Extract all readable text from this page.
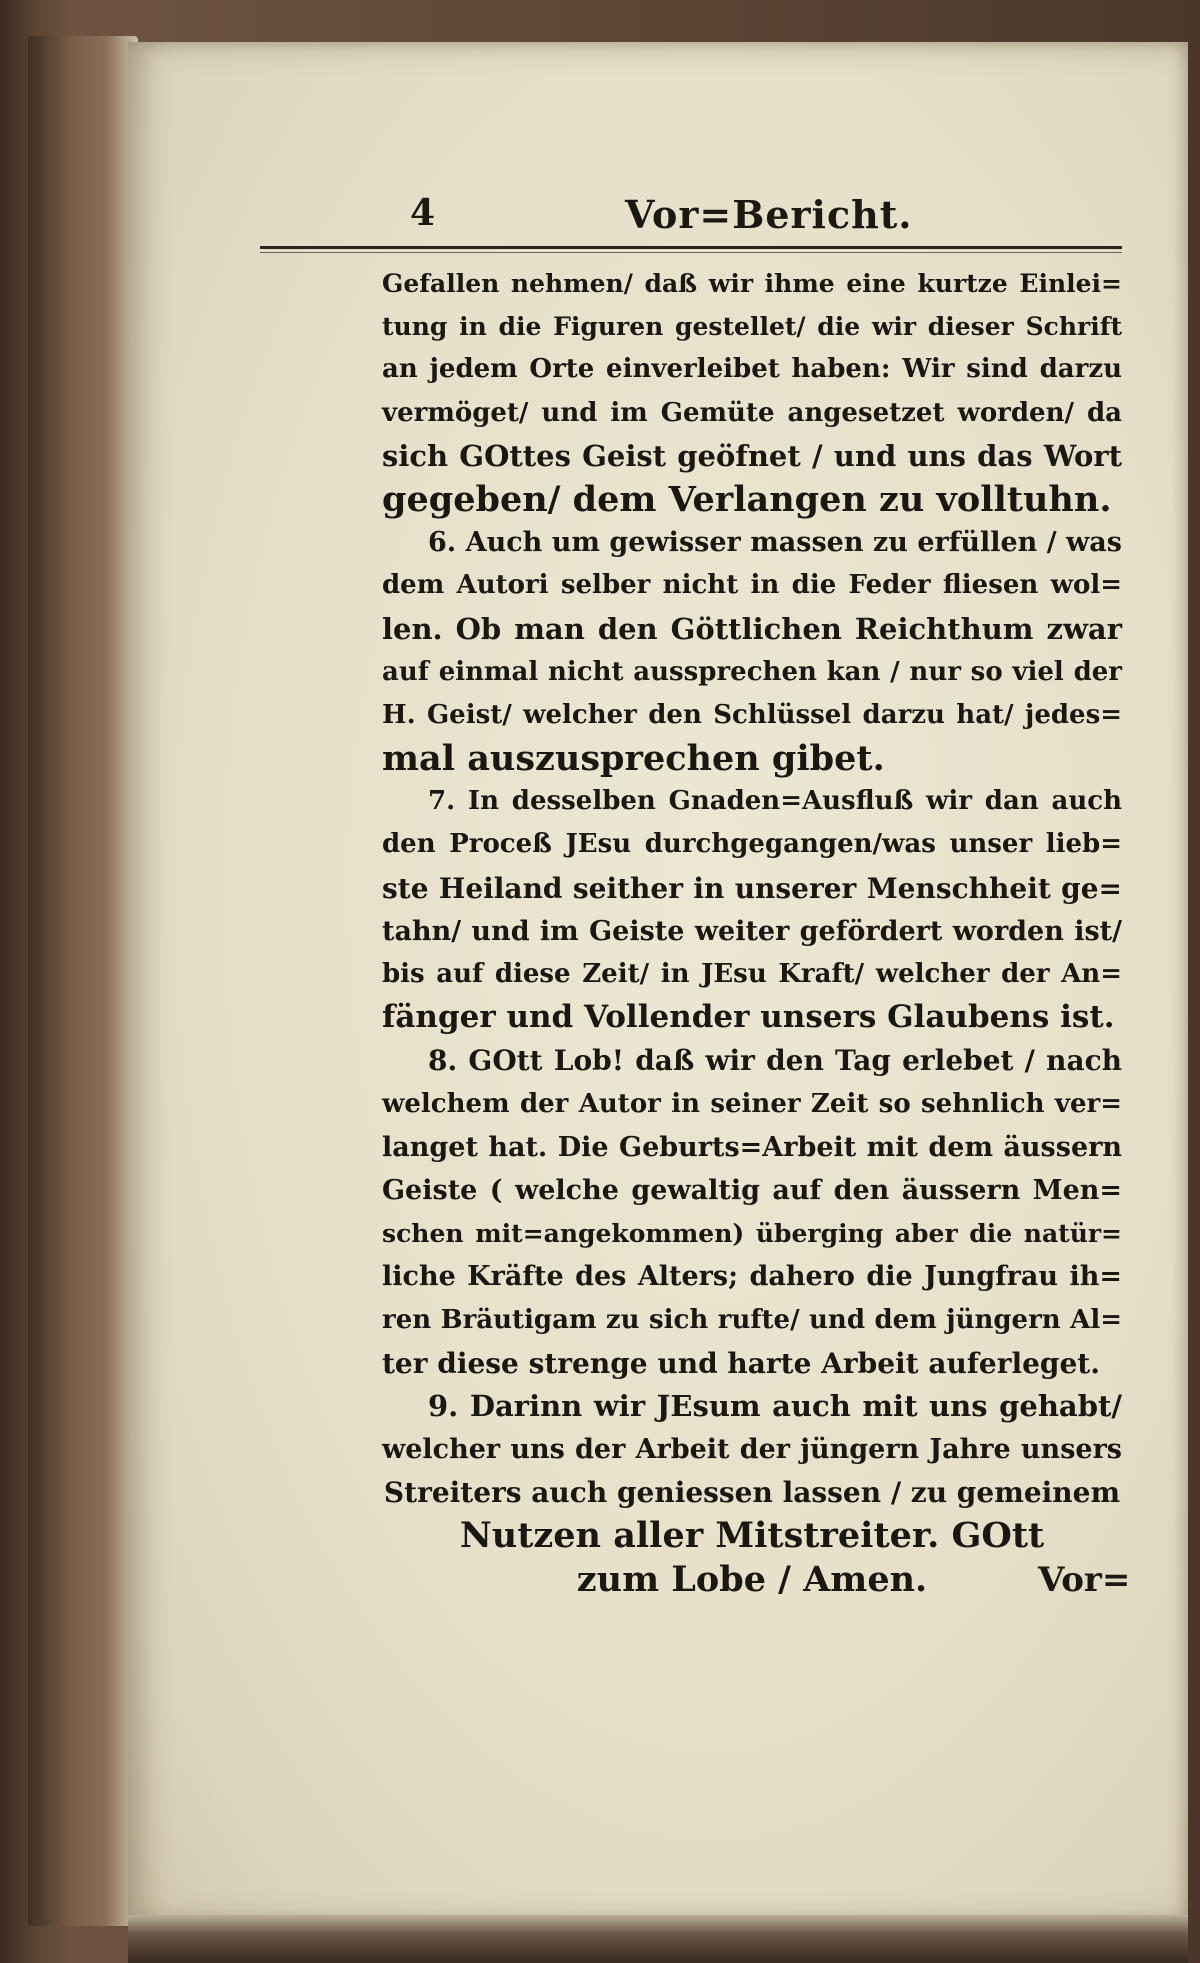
4	Vor=Bericht.
Gefallen nehmen/ daß wir ihme eine kurtze Einlei=
tung in die Figuren gestellet/ die wir dieser Schrift
an jedem Orte einverleibet haben: Wir sind darzu
vermöget/ und im Gemüte angesetzet worden/ da
sich GOttes Geist geöfnet / und uns das Wort
gegeben/ dem Verlangen zu volltuhn.
6. Auch um gewisser massen zu erfüllen / was
dem Autori selber nicht in die Feder fliesen wol=
len. Ob man den Göttlichen Reichthum zwar
auf einmal nicht aussprechen kan / nur so viel der
H. Geist/ welcher den Schlüssel darzu hat/ jedes=
mal auszusprechen gibet.
7. In desselben Gnaden=Ausfluß wir dan auch
den Proceß JEsu durchgegangen/was unser lieb=
ste Heiland seither in unserer Menschheit ge=
tahn/ und im Geiste weiter gefördert worden ist/
bis auf diese Zeit/ in JEsu Kraft/ welcher der An=
fänger und Vollender unsers Glaubens ist.
8. GOtt Lob! daß wir den Tag erlebet / nach
welchem der Autor in seiner Zeit so sehnlich ver=
langet hat. Die Geburts=Arbeit mit dem äussern
Geiste ( welche gewaltig auf den äussern Men=
schen mit=angekommen) überging aber die natür=
liche Kräfte des Alters; dahero die Jungfrau ih=
ren Bräutigam zu sich rufte/ und dem jüngern Al=
ter diese strenge und harte Arbeit auferleget.
9. Darinn wir JEsum auch mit uns gehabt/
welcher uns der Arbeit der jüngern Jahre unsers
Streiters auch geniessen lassen / zu gemeinem
Nutzen aller Mitstreiter. GOtt
zum Lobe / Amen.	Vor=
